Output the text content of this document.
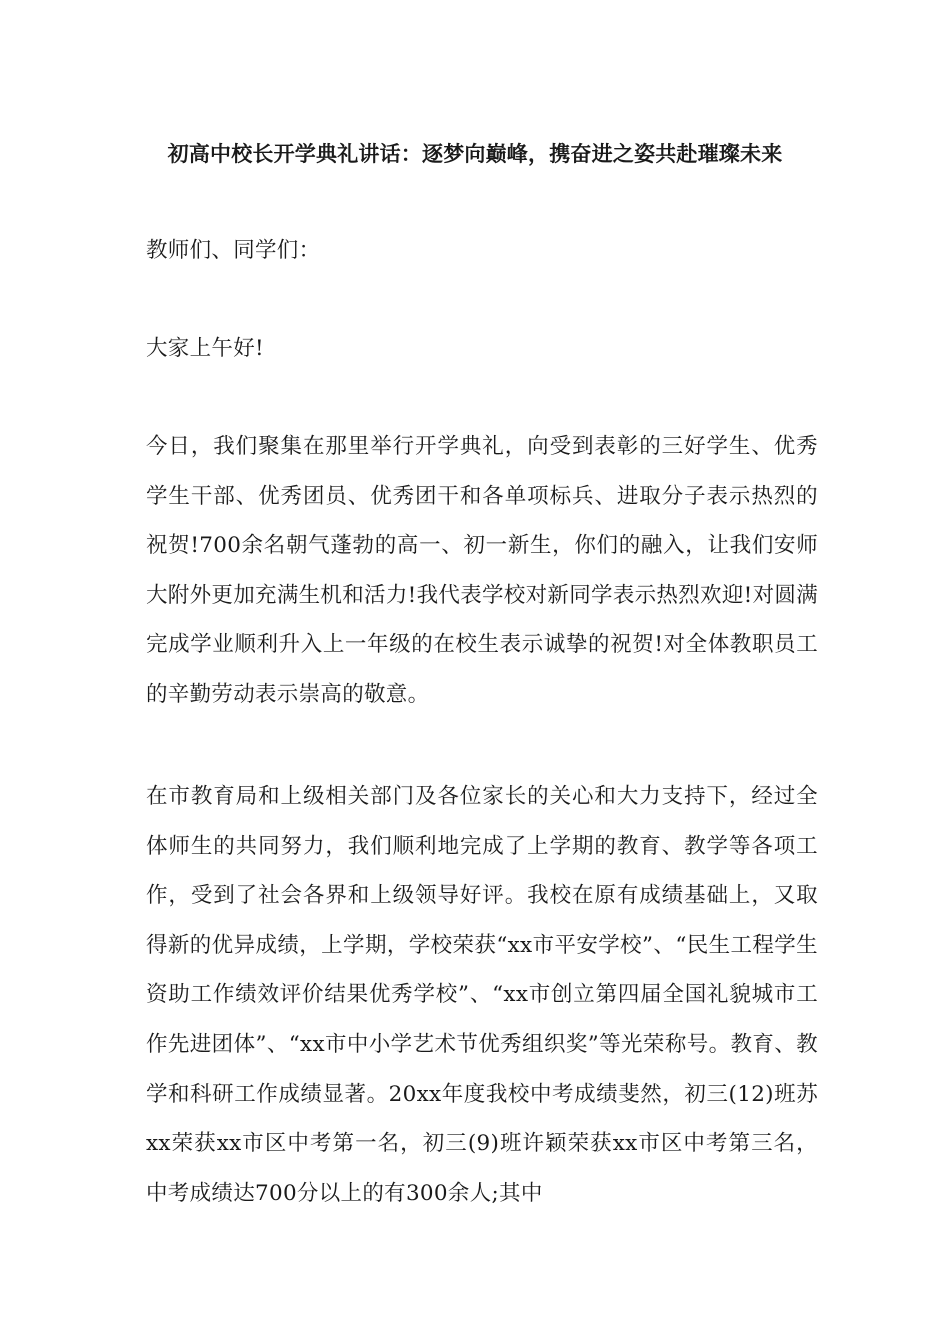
初高中校长开学典礼讲话：逐梦向巅峰，携奋进之姿共赴璀璨未来

教师们、同学们：

大家上午好!

今日，我们聚集在那里举行开学典礼，向受到表彰的三好学生、优秀学生干部、优秀团员、优秀团干和各单项标兵、进取分子表示热烈的祝贺!700余名朝气蓬勃的高一、初一新生，你们的融入，让我们安师大附外更加充满生机和活力!我代表学校对新同学表示热烈欢迎!对圆满完成学业顺利升入上一年级的在校生表示诚挚的祝贺!对全体教职员工的辛勤劳动表示崇高的敬意。

在市教育局和上级相关部门及各位家长的关心和大力支持下，经过全体师生的共同努力，我们顺利地完成了上学期的教育、教学等各项工作，受到了社会各界和上级领导好评。我校在原有成绩基础上，又取得新的优异成绩，上学期，学校荣获“xx市平安学校”、“民生工程学生资助工作绩效评价结果优秀学校”、“xx市创立第四届全国礼貌城市工作先进团体”、“xx市中小学艺术节优秀组织奖”等光荣称号。教育、教学和科研工作成绩显著。20xx年度我校中考成绩斐然，初三(12)班苏xx荣获xx市区中考第一名，初三(9)班许颖荣获xx市区中考第三名，中考成绩达700分以上的有300余人;其中
